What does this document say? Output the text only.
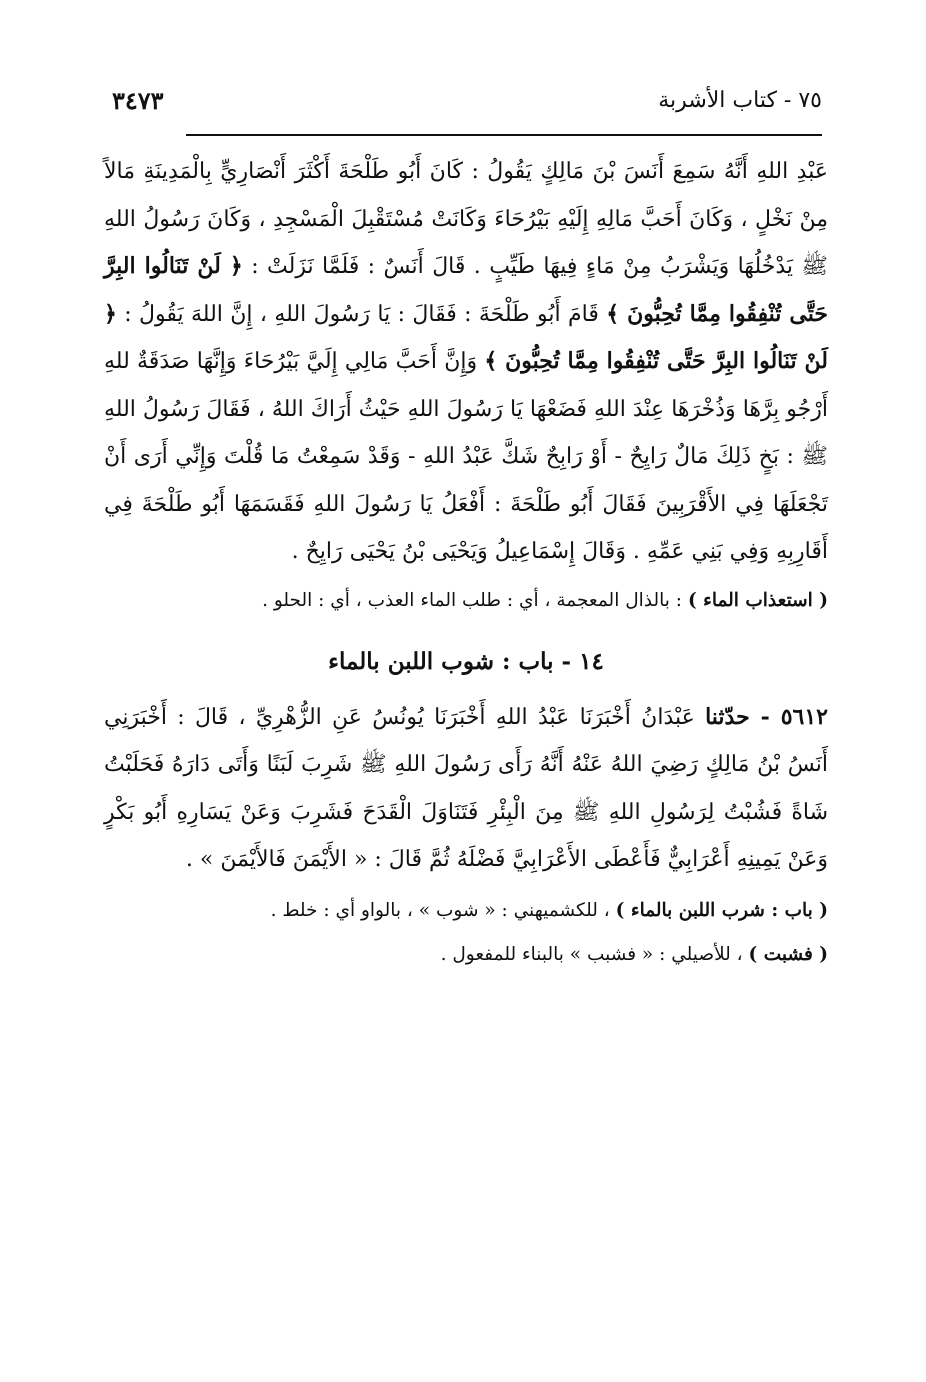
٧٥ - كتاب الأشربة
٣٤٧٣

عَبْدِ اللهِ أَنَّهُ سَمِعَ أَنَسَ بْنَ مَالِكٍ يَقُولُ : كَانَ أَبُو طَلْحَةَ أَكْثَرَ أَنْصَارِيٍّ بِالْمَدِينَةِ مَالاً مِنْ نَخْلٍ ، وَكَانَ أَحَبَّ مَالِهِ إِلَيْهِ بَيْرُحَاءَ وَكَانَتْ مُسْتَقْبِلَ الْمَسْجِدِ ، وَكَانَ رَسُولُ اللهِ ﷺ يَدْخُلُهَا وَيَشْرَبُ مِنْ مَاءٍ فِيهَا طَيِّبٍ . قَالَ أَنَسٌ : فَلَمَّا نَزَلَتْ : ﴿ لَنْ تَنَالُوا البِرَّ حَتَّى تُنْفِقُوا مِمَّا تُحِبُّونَ ﴾ قَامَ أَبُو طَلْحَةَ : فَقَالَ : يَا رَسُولَ اللهِ ، إِنَّ اللهَ يَقُولُ : ﴿ لَنْ تَنَالُوا البِرَّ حَتَّى تُنْفِقُوا مِمَّا تُحِبُّونَ ﴾ وَإِنَّ أَحَبَّ مَالِي إِلَيَّ بَيْرُحَاءَ وَإِنَّهَا صَدَقَةٌ للهِ أَرْجُو بِرَّهَا وَذُخْرَهَا عِنْدَ اللهِ فَضَعْهَا يَا رَسُولَ اللهِ حَيْثُ أَرَاكَ اللهُ ، فَقَالَ رَسُولُ اللهِ ﷺ : بَخٍ ذَلِكَ مَالٌ رَايِحٌ - أَوْ رَابِحٌ شَكَّ عَبْدُ اللهِ - وَقَدْ سَمِعْتُ مَا قُلْتَ وَإِنِّي أَرَى أَنْ تَجْعَلَهَا فِي الأَقْرَبِينَ فَقَالَ أَبُو طَلْحَةَ : أَفْعَلُ يَا رَسُولَ اللهِ فَقَسَمَهَا أَبُو طَلْحَةَ فِي أَقَارِبِهِ وَفِي بَنِي عَمِّهِ . وَقَالَ إِسْمَاعِيلُ وَيَحْيَى بْنُ يَحْيَى رَايِحٌ .

( استعذاب الماء ) : بالذال المعجمة ، أي : طلب الماء العذب ، أي : الحلو .

١٤ - باب : شوب اللبن بالماء

٥٦١٢ - حدّثنا عَبْدَانُ أَخْبَرَنَا عَبْدُ اللهِ أَخْبَرَنَا يُونُسُ عَنِ الزُّهْرِيِّ ، قَالَ : أَخْبَرَنِي أَنَسُ بْنُ مَالِكٍ رَضِيَ اللهُ عَنْهُ أَنَّهُ رَأَى رَسُولَ اللهِ ﷺ شَرِبَ لَبَنًا وَأَتَى دَارَهُ فَحَلَبْتُ شَاةً فَشُبْتُ لِرَسُولِ اللهِ ﷺ مِنَ الْبِئْرِ فَتَنَاوَلَ الْقَدَحَ فَشَرِبَ وَعَنْ يَسَارِهِ أَبُو بَكْرٍ وَعَنْ يَمِينِهِ أَعْرَابِيٌّ فَأَعْطَى الأَعْرَابِيَّ فَضْلَهُ ثُمَّ قَالَ : « الأَيْمَنَ فَالأَيْمَنَ » .

( باب : شرب اللبن بالماء ) ، للكشميهني : « شوب » ، بالواو أي : خلط .

( فشبت ) ، للأصيلي : « فشبب » بالبناء للمفعول .
